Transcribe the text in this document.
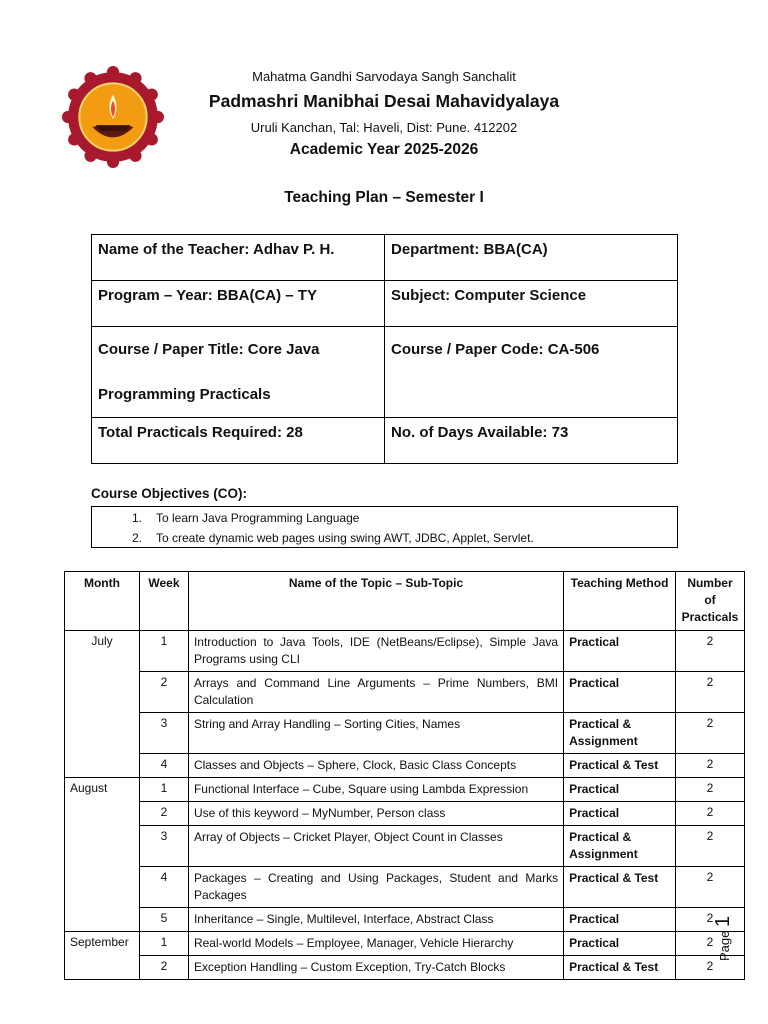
Mahatma Gandhi Sarvodaya Sangh Sanchalit
Padmashri Manibhai Desai Mahavidyalaya
Uruli Kanchan, Tal: Haveli, Dist: Pune. 412202
Academic Year 2025-2026
Teaching Plan – Semester I
Name of the Teacher: Adhav P. H.	Department: BBA(CA)
Program – Year: BBA(CA) – TY	Subject: Computer Science

Course / Paper Title: Core Java
Programming Practicals	Course / Paper Code: CA-506
Total Practicals Required: 28	No. of Days Available: 73
Course Objectives (CO):
1. To learn Java Programming Language
2. To create dynamic web pages using swing AWT, JDBC, Applet, Servlet.
Month	Week	Name of the Topic – Sub-Topic	Teaching Method	Number of Practicals
July	1	Introduction to Java Tools, IDE (NetBeans/Eclipse), Simple Java Programs using CLI	Practical	2
	2	Arrays and Command Line Arguments – Prime Numbers, BMI Calculation	Practical	2
	3	String and Array Handling – Sorting Cities, Names	Practical & Assignment	2
	4	Classes and Objects – Sphere, Clock, Basic Class Concepts	Practical & Test	2
August	1	Functional Interface – Cube, Square using Lambda Expression	Practical	2
	2	Use of this keyword – MyNumber, Person class	Practical	2
	3	Array of Objects – Cricket Player, Object Count in Classes	Practical & Assignment	2
	4	Packages – Creating and Using Packages, Student and Marks Packages	Practical & Test	2
	5	Inheritance – Single, Multilevel, Interface, Abstract Class	Practical	2
September	1	Real-world Models – Employee, Manager, Vehicle Hierarchy	Practical	2
	2	Exception Handling – Custom Exception, Try-Catch Blocks	Practical & Test	2
Page 1
